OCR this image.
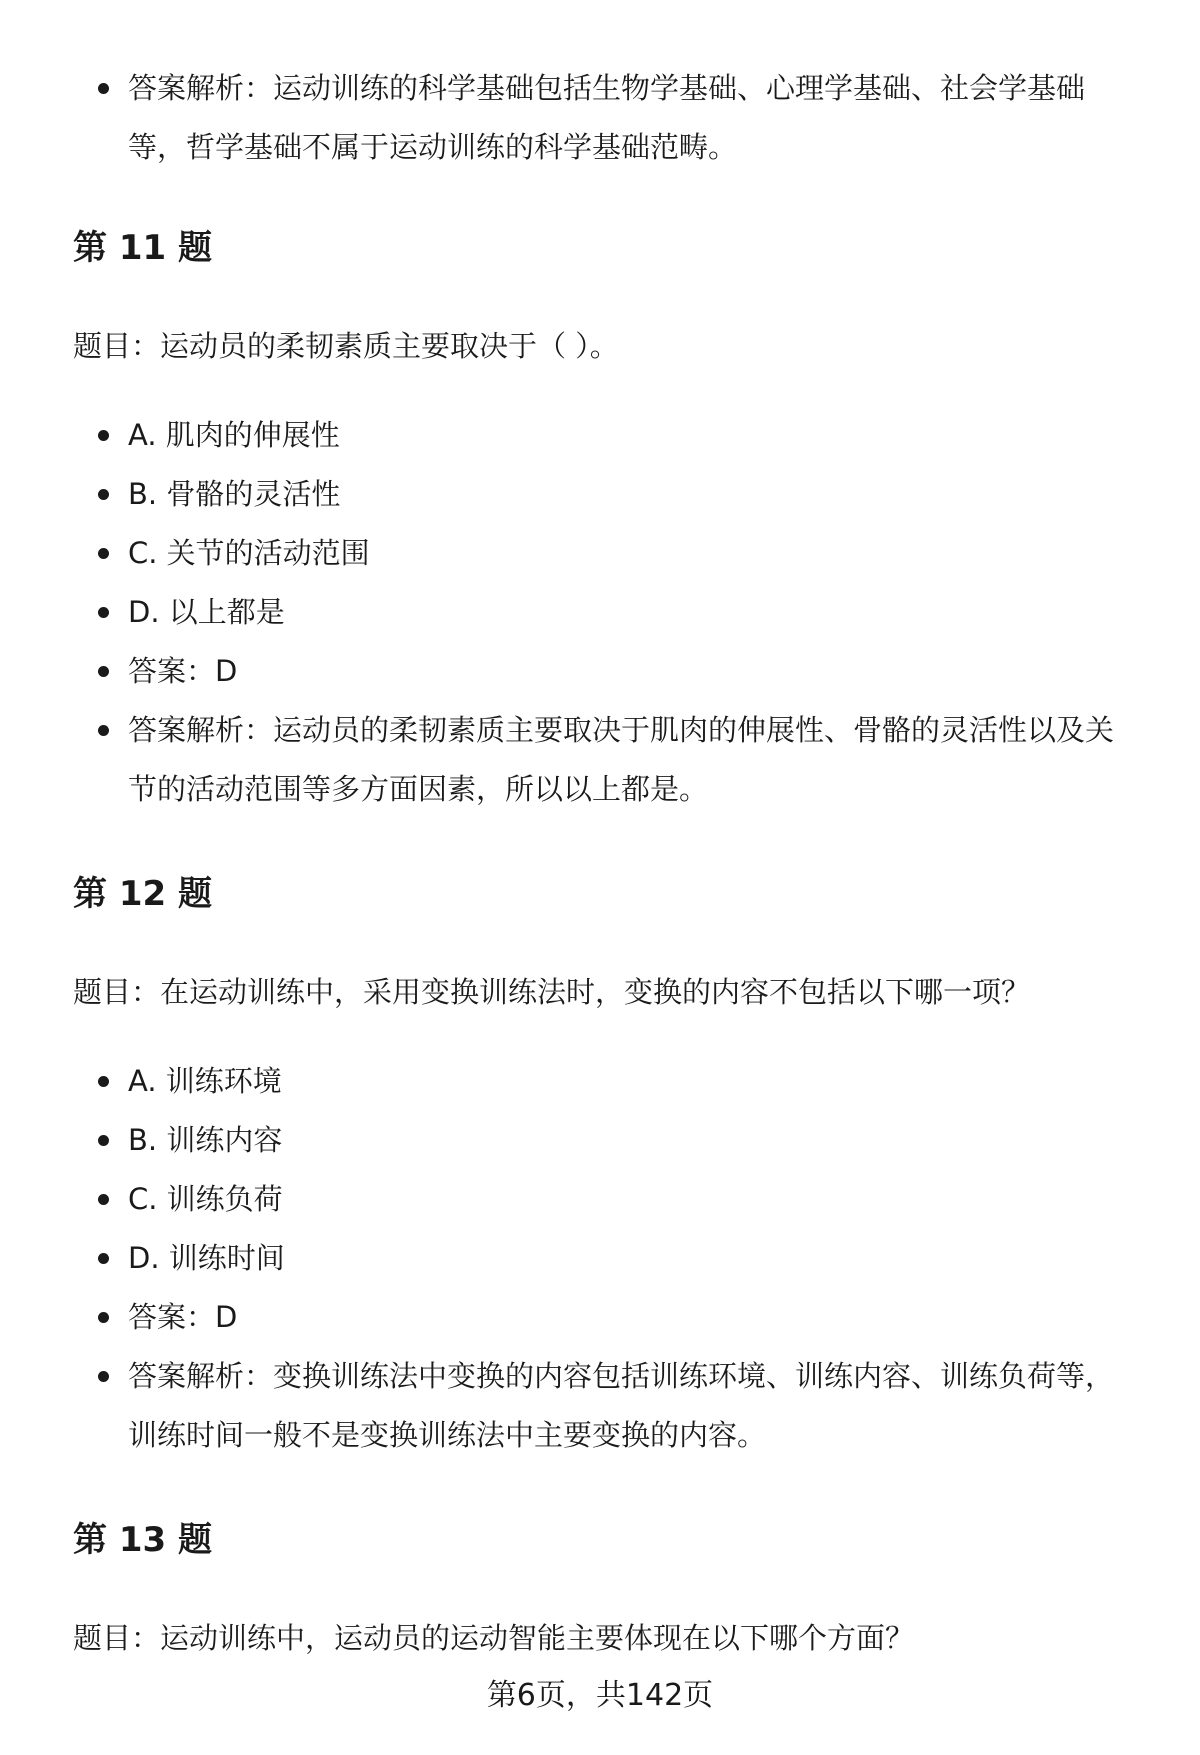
答案解析：运动训练的科学基础包括生物学基础、心理学基础、社会学基础等，哲学基础不属于运动训练的科学基础范畴。
第 11 题

题目：运动员的柔韧素质主要取决于（ ）。

A. 肌肉的伸展性
B. 骨骼的灵活性
C. 关节的活动范围
D. 以上都是
答案：D
答案解析：运动员的柔韧素质主要取决于肌肉的伸展性、骨骼的灵活性以及关节的活动范围等多方面因素，所以以上都是。
第 12 题

题目：在运动训练中，采用变换训练法时，变换的内容不包括以下哪一项？

A. 训练环境
B. 训练内容
C. 训练负荷
D. 训练时间
答案：D
答案解析：变换训练法中变换的内容包括训练环境、训练内容、训练负荷等，训练时间一般不是变换训练法中主要变换的内容。
第 13 题

题目：运动训练中，运动员的运动智能主要体现在以下哪个方面？

第6页，共142页
